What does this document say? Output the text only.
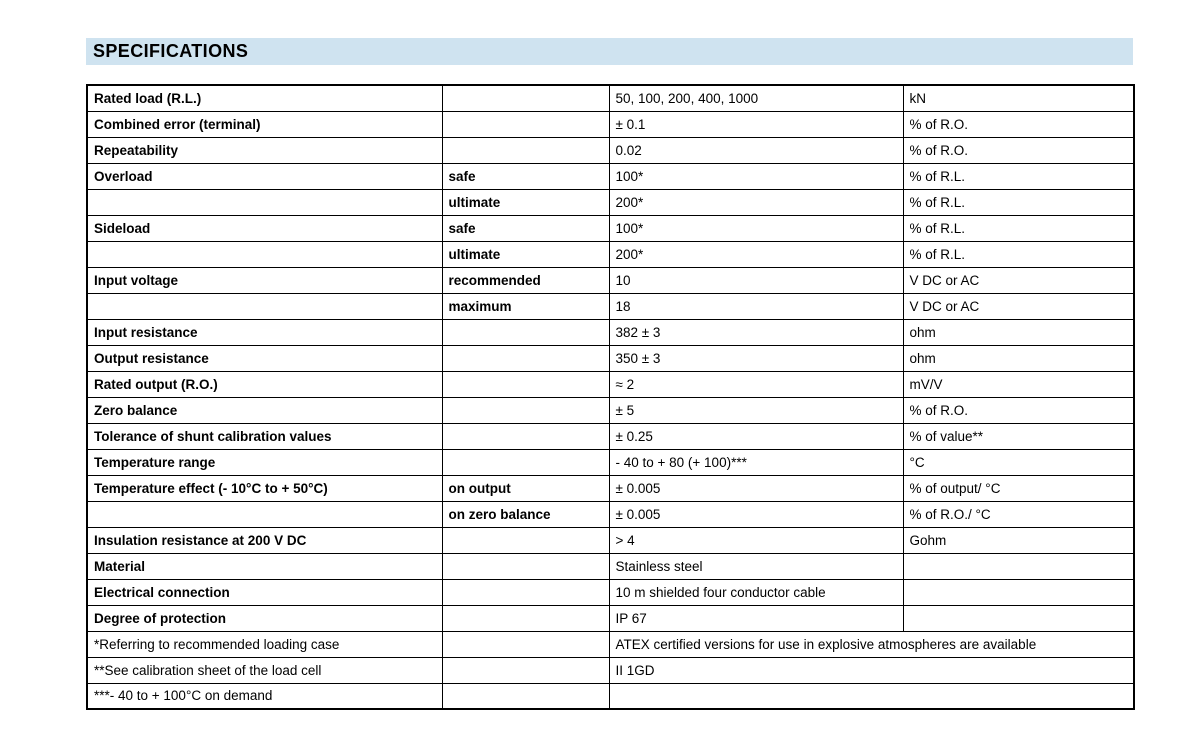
SPECIFICATIONS
Rated load (R.L.)		50, 100, 200, 400, 1000	kN
Combined error (terminal)		± 0.1	% of R.O.
Repeatability		0.02	% of R.O.
Overload	safe	100*	% of R.L.
	ultimate	200*	% of R.L.
Sideload	safe	100*	% of R.L.
	ultimate	200*	% of R.L.
Input voltage	recommended	10	V DC or AC
	maximum	18	V DC or AC
Input resistance		382 ± 3	ohm
Output resistance		350 ± 3	ohm
Rated output (R.O.)		≈ 2	mV/V
Zero balance		± 5	% of R.O.
Tolerance of shunt calibration values		± 0.25	% of value**
Temperature range		- 40 to + 80 (+ 100)***	°C
Temperature effect (- 10°C to + 50°C)	on output	± 0.005	% of output/ °C
	on zero balance	± 0.005	% of R.O./ °C
Insulation resistance at 200 V DC		> 4	Gohm
Material		Stainless steel	
Electrical connection		10 m shielded four conductor cable	
Degree of protection		IP 67	
*Referring to recommended loading case		ATEX certified versions for use in explosive atmospheres are available	
**See calibration sheet of the load cell		II 1GD	
***- 40 to + 100°C on demand			
